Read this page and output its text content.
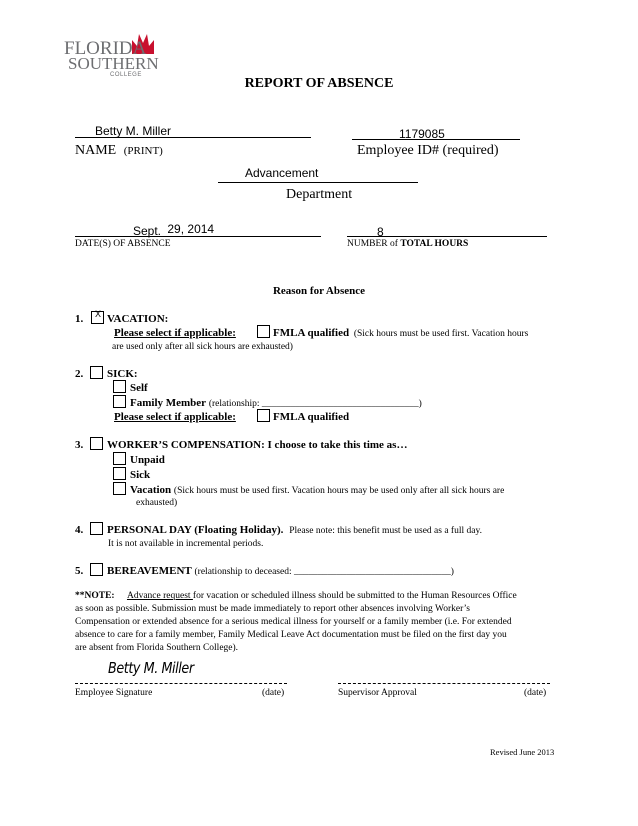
FLORIDA
SOUTHERN
COLLEGE
REPORT OF ABSENCE
Betty M. Miller
NAME (PRINT)
1179085
Employee ID# (required)
Advancement
Department
Sept. 29, 2014
DATE(S) OF ABSENCE
8
NUMBER of TOTAL HOURS
Reason for Absence
1. X VACATION:
Please select if applicable:	FMLA qualified (Sick hours must be used first. Vacation hours
are used only after all sick hours are exhausted)
2. SICK:
Self
Family Member (relationship: _________________________________)
Please select if applicable:	FMLA qualified
3. WORKER’S COMPENSATION: I choose to take this time as…
Unpaid
Sick
Vacation (Sick hours must be used first. Vacation hours may be used only after all sick hours are
exhausted)
4. PERSONAL DAY (Floating Holiday). Please note: this benefit must be used as a full day.
It is not available in incremental periods.
5. BEREAVEMENT (relationship to deceased: _________________________________)
**NOTE: Advance request for vacation or scheduled illness should be submitted to the Human Resources Office
as soon as possible. Submission must be made immediately to report other absences involving Worker’s
Compensation or extended absence for a serious medical illness for yourself or a family member (i.e. For extended
absence to care for a family member, Family Medical Leave Act documentation must be filed on the first day you
are absent from Florida Southern College).
Betty M. Miller
Employee Signature	(date)	Supervisor Approval	(date)
Revised June 2013
